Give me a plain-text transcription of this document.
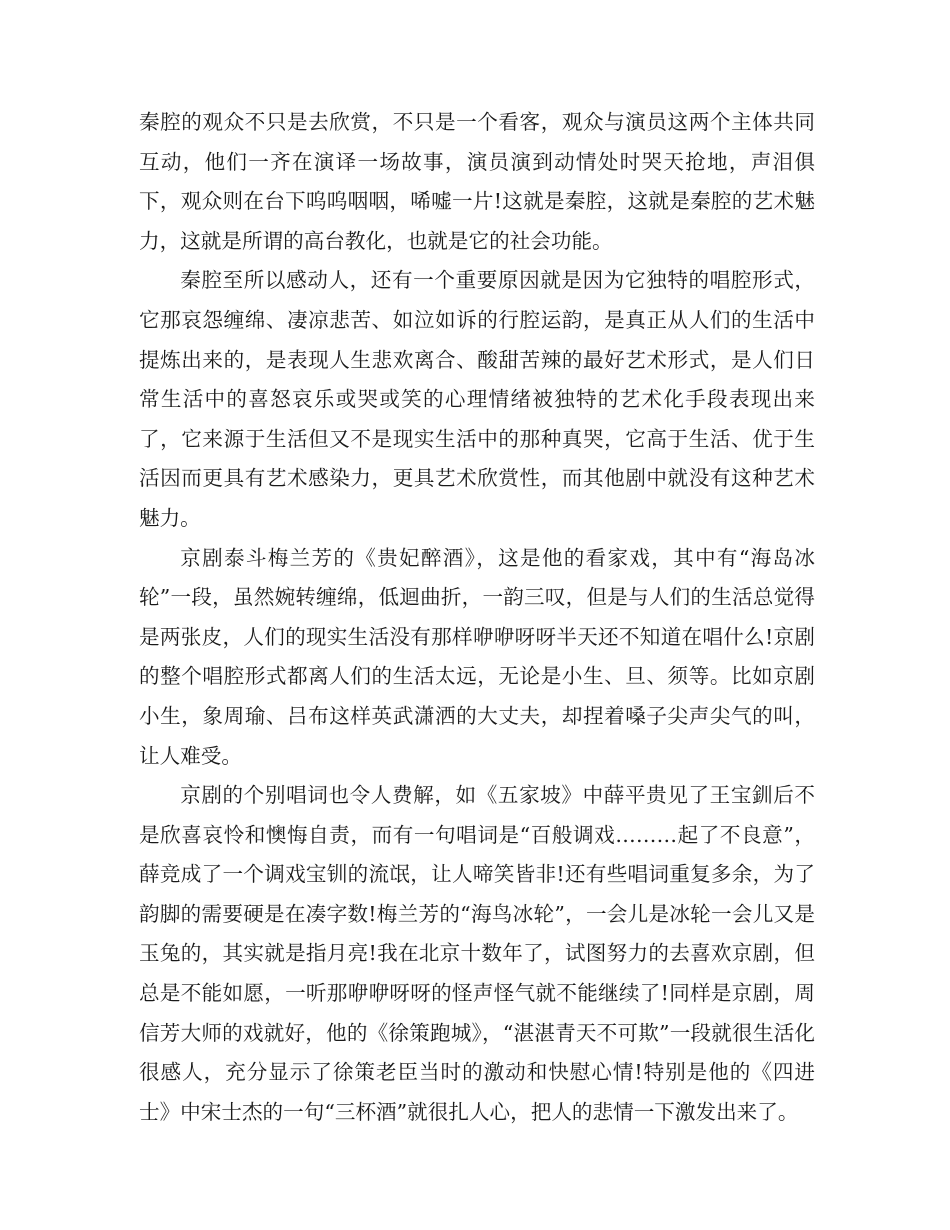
秦腔的观众不只是去欣赏，不只是一个看客，观众与演员这两个主体共同互动，他们一齐在演译一场故事，演员演到动情处时哭天抢地，声泪俱下，观众则在台下呜呜咽咽，唏嘘一片!这就是秦腔，这就是秦腔的艺术魅力，这就是所谓的高台教化，也就是它的社会功能。

秦腔至所以感动人，还有一个重要原因就是因为它独特的唱腔形式，它那哀怨缠绵、凄凉悲苦、如泣如诉的行腔运韵，是真正从人们的生活中提炼出来的，是表现人生悲欢离合、酸甜苦辣的最好艺术形式，是人们日常生活中的喜怒哀乐或哭或笑的心理情绪被独特的艺术化手段表现出来了，它来源于生活但又不是现实生活中的那种真哭，它高于生活、优于生活因而更具有艺术感染力，更具艺术欣赏性，而其他剧中就没有这种艺术魅力。

京剧泰斗梅兰芳的《贵妃醉酒》，这是他的看家戏，其中有“海岛冰轮”一段，虽然婉转缠绵，低迴曲折，一韵三叹，但是与人们的生活总觉得是两张皮，人们的现实生活没有那样咿咿呀呀半天还不知道在唱什么!京剧的整个唱腔形式都离人们的生活太远，无论是小生、旦、须等。比如京剧小生，象周瑜、吕布这样英武潇洒的大丈夫，却捏着嗓子尖声尖气的叫，让人难受。

京剧的个别唱词也令人费解，如《五家坡》中薛平贵见了王宝釧后不是欣喜哀怜和懊悔自责，而有一句唱词是“百般调戏………起了不良意”，薛竞成了一个调戏宝钏的流氓，让人啼笑皆非!还有些唱词重复多余，为了韵脚的需要硬是在凑字数!梅兰芳的“海鸟冰轮”，一会儿是冰轮一会儿又是玉兔的，其实就是指月亮!我在北京十数年了，试图努力的去喜欢京剧，但总是不能如愿，一听那咿咿呀呀的怪声怪气就不能继续了!同样是京剧，周信芳大师的戏就好，他的《徐策跑城》，“湛湛青天不可欺”一段就很生活化很感人，充分显示了徐策老臣当时的激动和快慰心情!特别是他的《四进士》中宋士杰的一句“三杯酒”就很扎人心，把人的悲情一下激发出来了。
